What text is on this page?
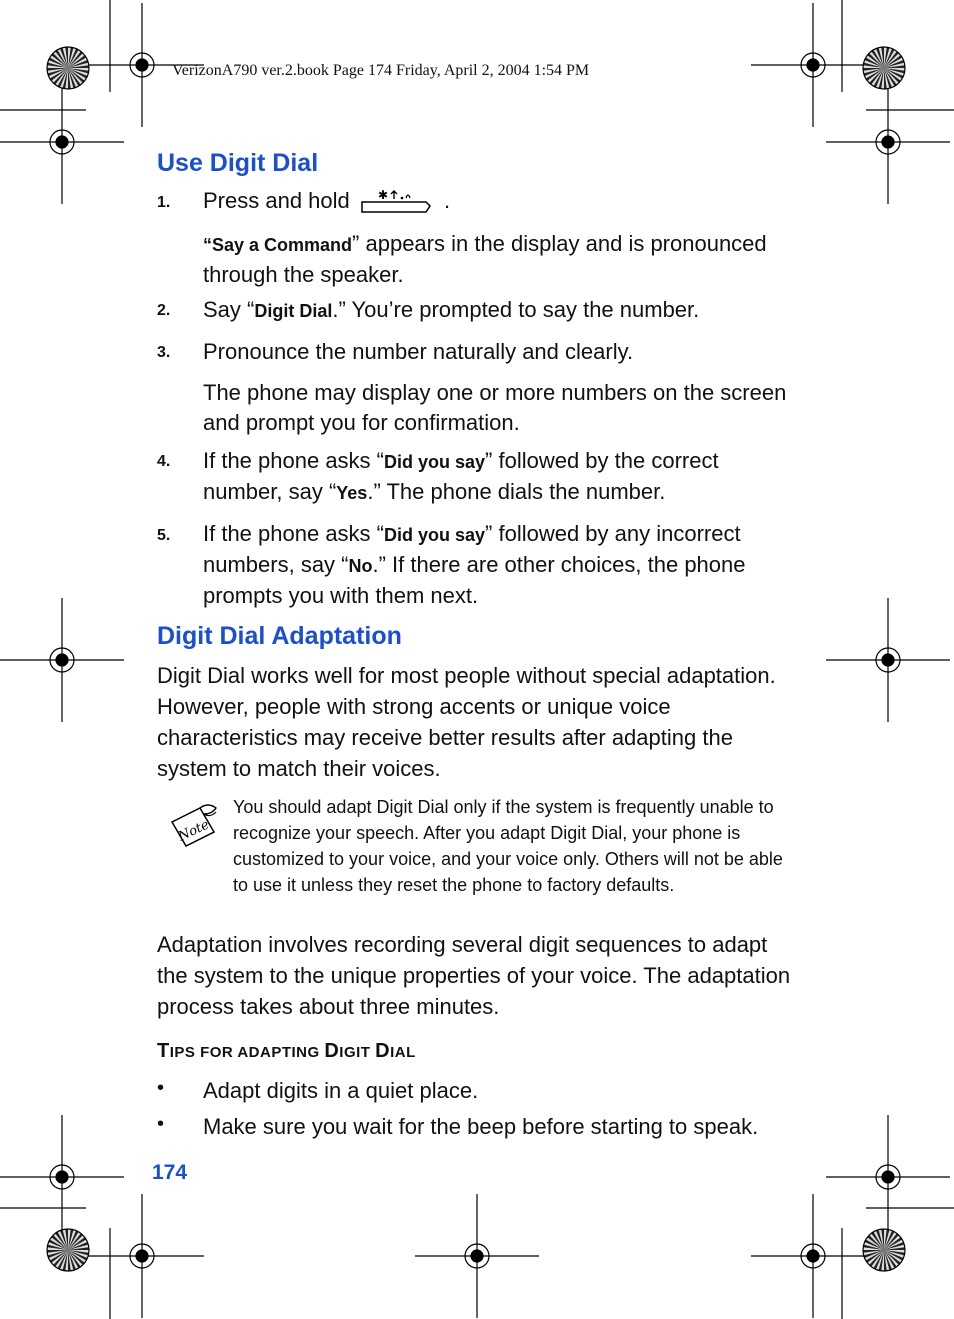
VerizonA790 ver.2.book Page 174 Friday, April 2, 2004 1:54 PM
Use Digit Dial
1. Press and hold ✱	.
“Say a Command” appears in the display and is pronounced through the speaker.
2. Say “Digit Dial.” You’re prompted to say the number.
3. Pronounce the number naturally and clearly.
The phone may display one or more numbers on the screen and prompt you for confirmation.
4. If the phone asks “Did you say” followed by the correct number, say “Yes.” The phone dials the number.
5. If the phone asks “Did you say” followed by any incorrect numbers, say “No.” If there are other choices, the phone prompts you with them next.
Digit Dial Adaptation
Digit Dial works well for most people without special adaptation. However, people with strong accents or unique voice characteristics may receive better results after adapting the system to match their voices.
Note
You should adapt Digit Dial only if the system is frequently unable to recognize your speech. After you adapt Digit Dial, your phone is customized to your voice, and your voice only. Others will not be able to use it unless they reset the phone to factory defaults.
Adaptation involves recording several digit sequences to adapt the system to the unique properties of your voice. The adaptation process takes about three minutes.
TIPS FOR ADAPTING DIGIT DIAL
• Adapt digits in a quiet place.
• Make sure you wait for the beep before starting to speak.
174
